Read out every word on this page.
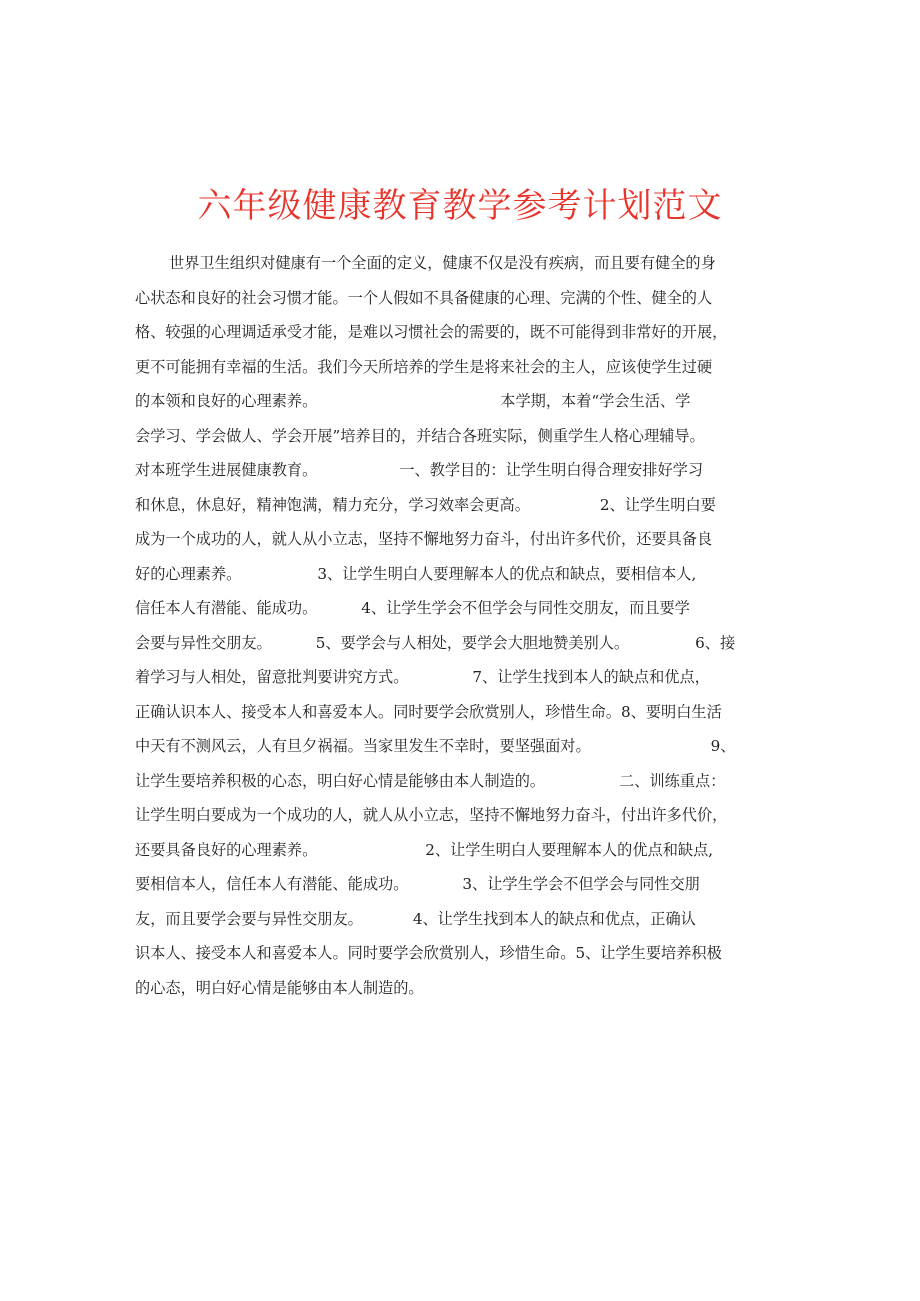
六年级健康教育教学参考计划范文
世界卫生组织对健康有一个全面的定义，健康不仅是没有疾病，而且要有健全的身
心状态和良好的社会习惯才能。一个人假如不具备健康的心理、完满的个性、健全的人
格、较强的心理调适承受才能，是难以习惯社会的需要的，既不可能得到非常好的开展，
更不可能拥有幸福的生活。我们今天所培养的学生是将来社会的主人，应该使学生过硬
的本领和良好的心理素养。	本学期，本着“学会生活、学
会学习、学会做人、学会开展”培养目的，并结合各班实际，侧重学生人格心理辅导。
对本班学生进展健康教育。	一、教学目的：让学生明白得合理安排好学习
和休息，休息好，精神饱满，精力充分，学习效率会更高。	2、让学生明白要
成为一个成功的人，就人从小立志，坚持不懈地努力奋斗，付出许多代价，还要具备良
好的心理素养。	3、让学生明白人要理解本人的优点和缺点，要相信本人,
信任本人有潜能、能成功。	4、让学生学会不但学会与同性交朋友，而且要学
会要与异性交朋友。	5、要学会与人相处，要学会大胆地赞美别人。	6、接
着学习与人相处，留意批判要讲究方式。	7、让学生找到本人的缺点和优点，
正确认识本人、接受本人和喜爱本人。同时要学会欣赏别人，珍惜生命。8、要明白生活
中天有不测风云，人有旦夕祸福。当家里发生不幸时，要坚强面对。	9、
让学生要培养积极的心态，明白好心情是能够由本人制造的。	二、训练重点：
让学生明白要成为一个成功的人，就人从小立志，坚持不懈地努力奋斗，付出许多代价，
还要具备良好的心理素养。	2、让学生明白人要理解本人的优点和缺点,
要相信本人，信任本人有潜能、能成功。	3、让学生学会不但学会与同性交朋
友，而且要学会要与异性交朋友。	4、让学生找到本人的缺点和优点，正确认
识本人、接受本人和喜爱本人。同时要学会欣赏别人，珍惜生命。5、让学生要培养积极
的心态，明白好心情是能够由本人制造的。
